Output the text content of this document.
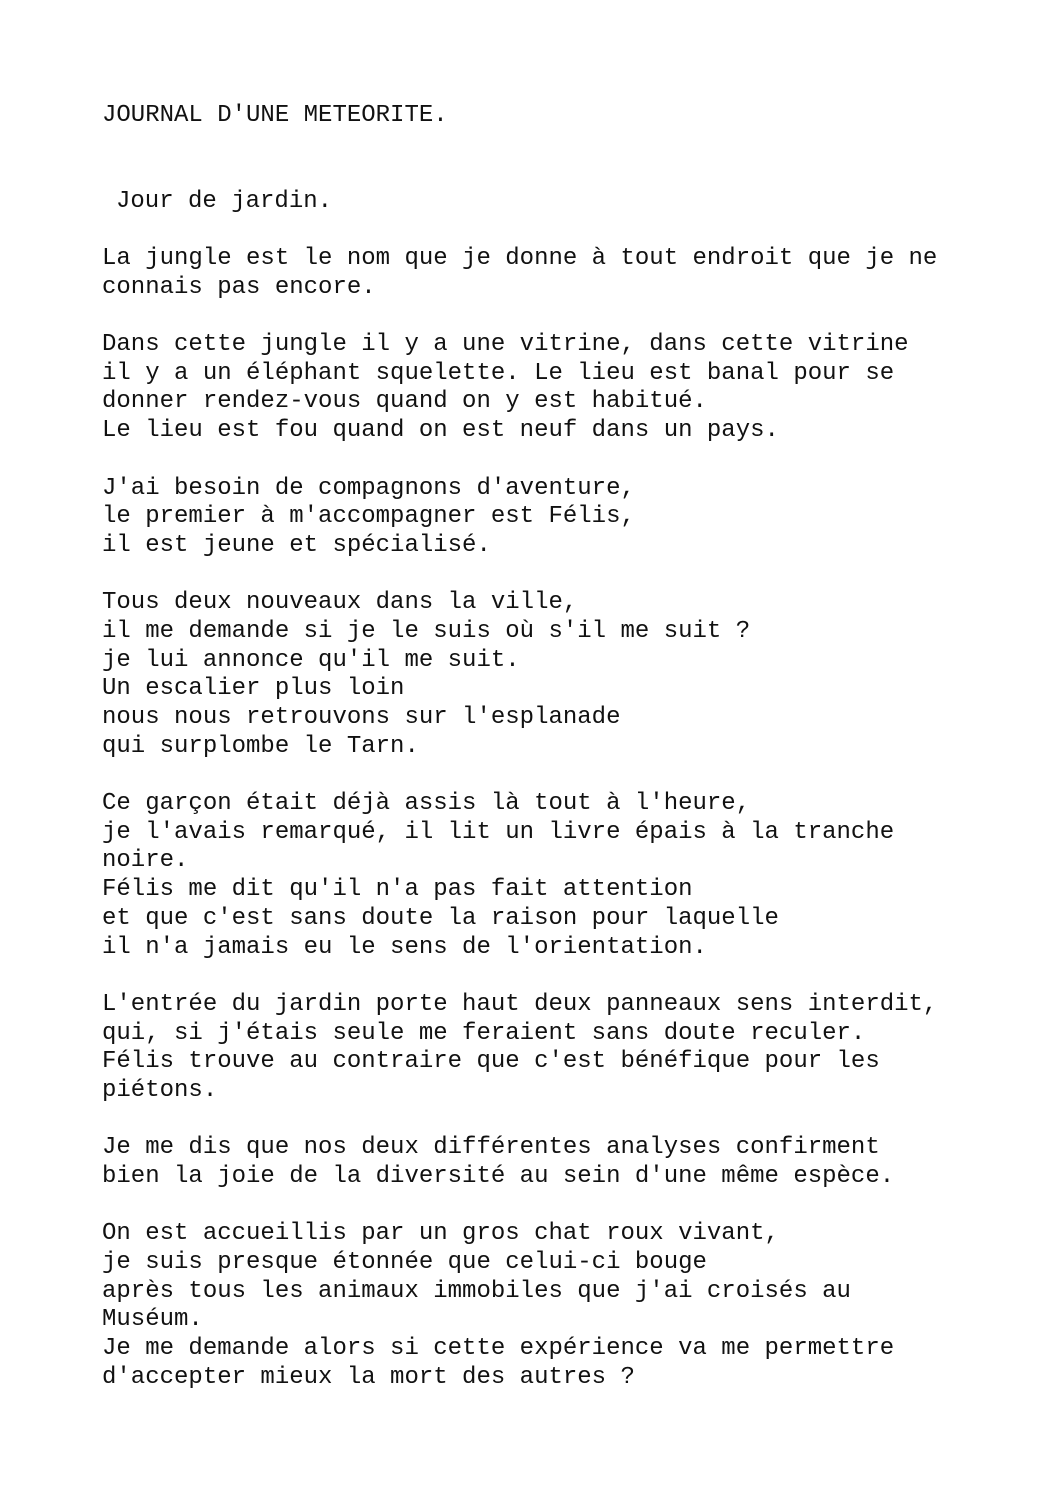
JOURNAL D'UNE METEORITE.

Jour de jardin.

La jungle est le nom que je donne à tout endroit que je ne
connais pas encore.
Dans cette jungle il y a une vitrine, dans cette vitrine
il y a un éléphant squelette. Le lieu est banal pour se
donner rendez-vous quand on y est habitué.
Le lieu est fou quand on est neuf dans un pays.
J'ai besoin de compagnons d'aventure,
le premier à m'accompagner est Félis,
il est jeune et spécialisé.
Tous deux nouveaux dans la ville,
il me demande si je le suis où s'il me suit ?
je lui annonce qu'il me suit.
Un escalier plus loin
nous nous retrouvons sur l'esplanade
qui surplombe le Tarn.
Ce garçon était déjà assis là tout à l'heure,
je l'avais remarqué, il lit un livre épais à la tranche
noire.
Félis me dit qu'il n'a pas fait attention
et que c'est sans doute la raison pour laquelle
il n'a jamais eu le sens de l'orientation.
L'entrée du jardin porte haut deux panneaux sens interdit,
qui, si j'étais seule me feraient sans doute reculer.
Félis trouve au contraire que c'est bénéfique pour les
piétons.
Je me dis que nos deux différentes analyses confirment
bien la joie de la diversité au sein d'une même espèce.
On est accueillis par un gros chat roux vivant,
je suis presque étonnée que celui-ci bouge
après tous les animaux immobiles que j'ai croisés au
Muséum.
Je me demande alors si cette expérience va me permettre
d'accepter mieux la mort des autres ?
